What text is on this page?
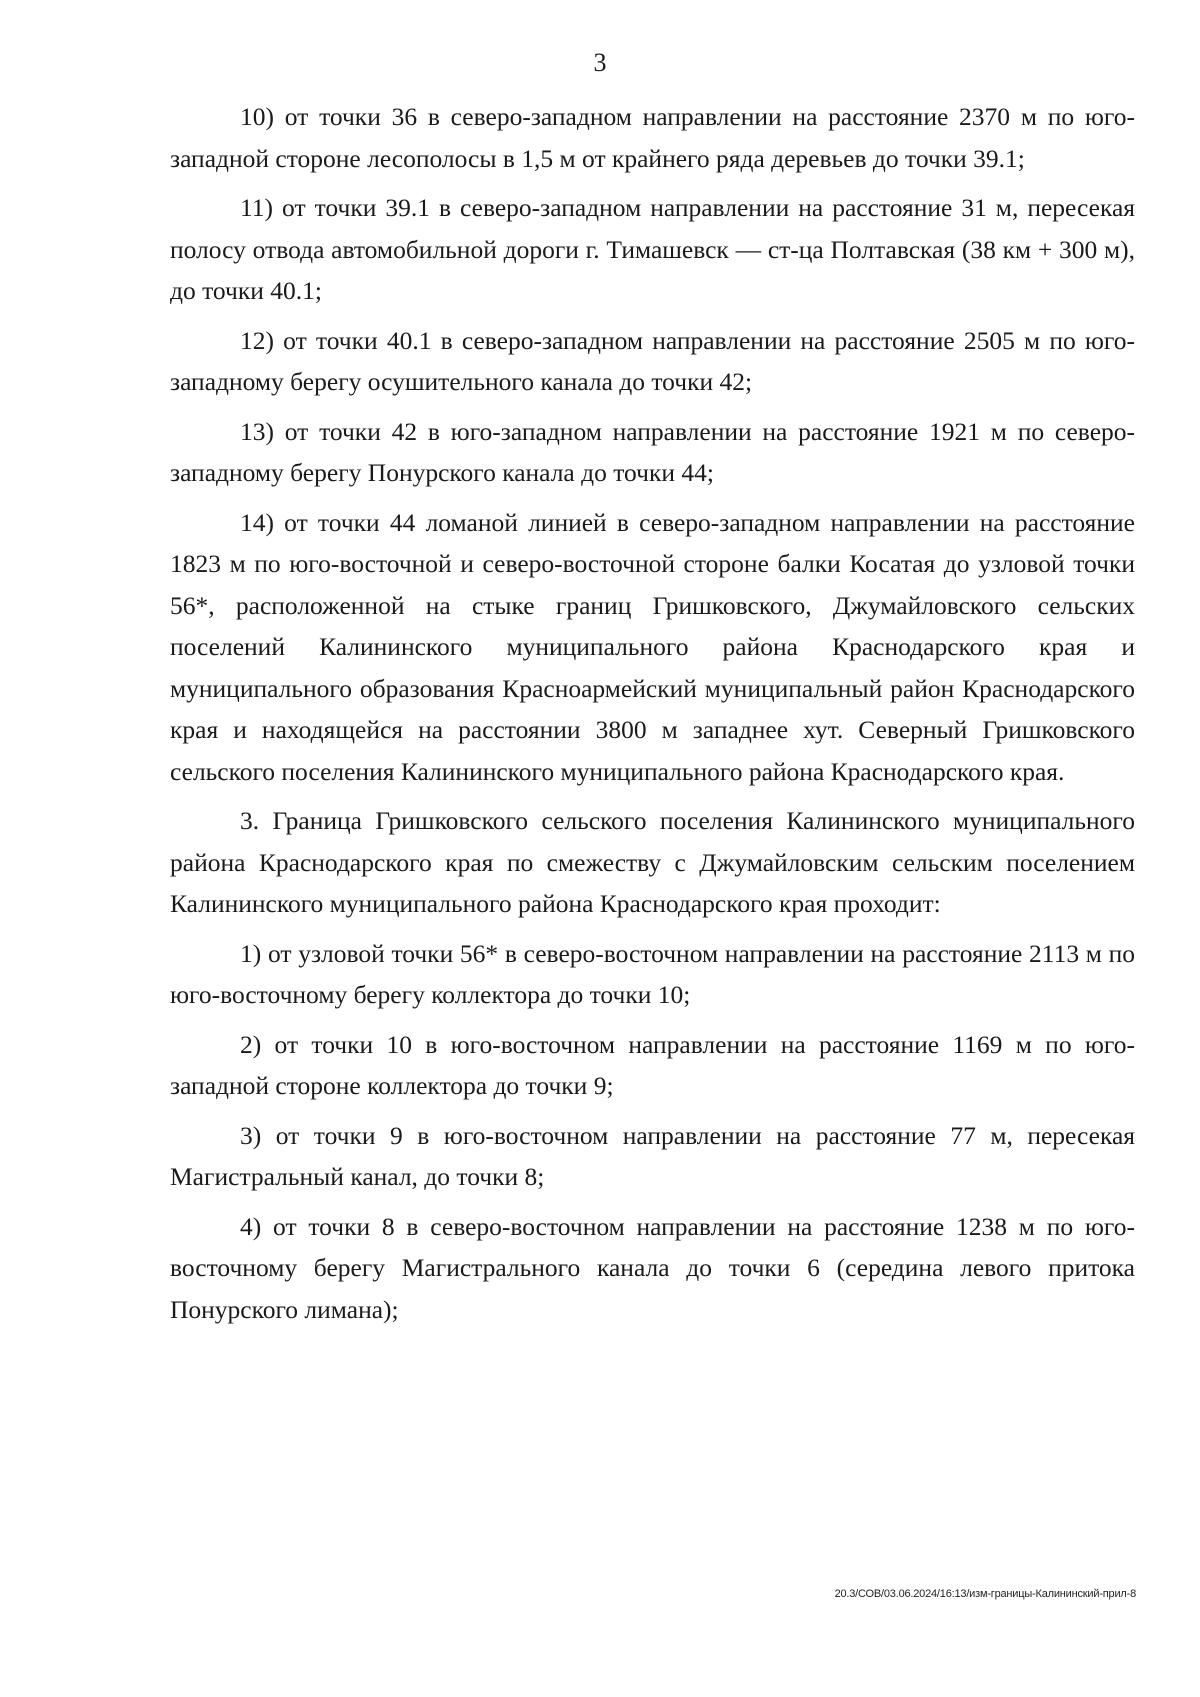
3

10) от точки 36 в северо-западном направлении на расстояние 2370 м по юго-западной стороне лесополосы в 1,5 м от крайнего ряда деревьев до точки 39.1;

11) от точки 39.1 в северо-западном направлении на расстояние 31 м, пересекая полосу отвода автомобильной дороги г. Тимашевск — ст-ца Полтавская (38 км + 300 м), до точки 40.1;

12) от точки 40.1 в северо-западном направлении на расстояние 2505 м по юго-западному берегу осушительного канала до точки 42;

13) от точки 42 в юго-западном направлении на расстояние 1921 м по северо-западному берегу Понурского канала до точки 44;

14) от точки 44 ломаной линией в северо-западном направлении на расстояние 1823 м по юго-восточной и северо-восточной стороне балки Косатая до узловой точки 56*, расположенной на стыке границ Гришковского, Джумайловского сельских поселений Калининского муниципального района Краснодарского края и муниципального образования Красноармейский муниципальный район Краснодарского края и находящейся на расстоянии 3800 м западнее хут. Северный Гришковского сельского поселения Калининского муниципального района Краснодарского края.

3. Граница Гришковского сельского поселения Калининского муниципального района Краснодарского края по смежеству с Джумайловским сельским поселением Калининского муниципального района Краснодарского края проходит:

1) от узловой точки 56* в северо-восточном направлении на расстояние 2113 м по юго-восточному берегу коллектора до точки 10;

2) от точки 10 в юго-восточном направлении на расстояние 1169 м по юго-западной стороне коллектора до точки 9;

3) от точки 9 в юго-восточном направлении на расстояние 77 м, пересекая Магистральный канал, до точки 8;

4) от точки 8 в северо-восточном направлении на расстояние 1238 м по юго-восточному берегу Магистрального канала до точки 6 (середина левого притока Понурского лимана);

20.3/СОВ/03.06.2024/16:13/изм-границы-Калининский-прил-8
